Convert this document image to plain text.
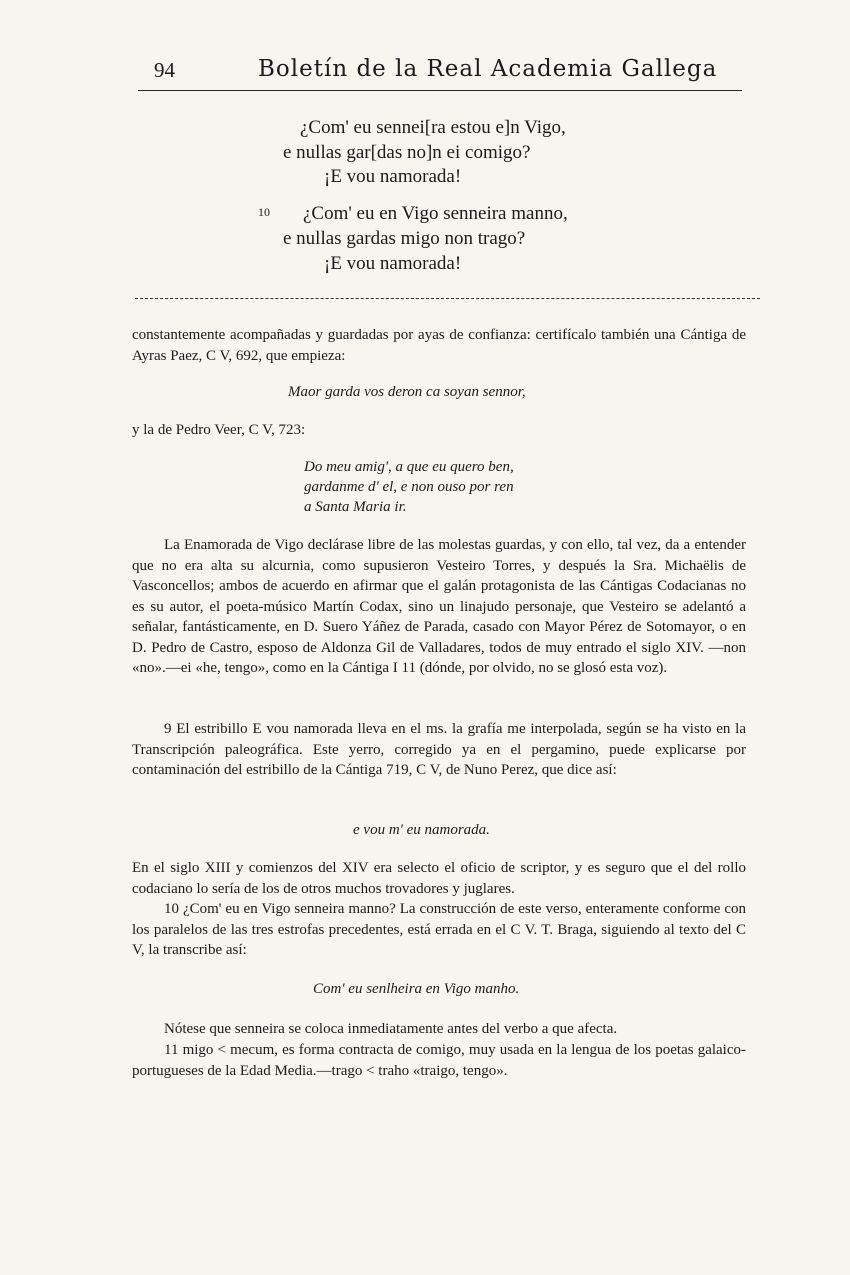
94	Boletín de la Real Academia Gallega
¿Com' eu sennei[ra estou e]n Vigo,
e nullas gar[das no]n ei comigo?
¡E vou namorada!
10 ¿Com' eu en Vigo senneira manno,
e nullas gardas migo non trago?
¡E vou namorada!

constantemente acompañadas y guardadas por ayas de confianza: certifícalo también una Cántiga de Ayras Paez, C V, 692, que empieza:

Maor garda vos deron ca soyan sennor,

y la de Pedro Veer, C V, 723:

Do meu amig', a que eu quero ben,
gardanme d' el, e non ouso por ren
a Santa Maria ir.

La Enamorada de Vigo declárase libre de las molestas guardas, y con ello, tal vez, da a entender que no era alta su alcurnia, como supusieron Vesteiro Torres, y después la Sra. Michaëlis de Vasconcellos; ambos de acuerdo en afirmar que el galán protagonista de las Cántigas Codacianas no es su autor, el poeta-músico Martín Codax, sino un linajudo personaje, que Vesteiro se adelantó a señalar, fantásticamente, en D. Suero Yáñez de Parada, casado con Mayor Pérez de Sotomayor, o en D. Pedro de Castro, esposo de Aldonza Gil de Valladares, todos de muy entrado el siglo XIV. —non «no».—ei «he, tengo», como en la Cántiga I 11 (dónde, por olvido, no se glosó esta voz).

9 El estribillo E vou namorada lleva en el ms. la grafía me interpolada, según se ha visto en la Transcripción paleográfica. Este yerro, corregido ya en el pergamino, puede explicarse por contaminación del estribillo de la Cántiga 719, C V, de Nuno Perez, que dice así:

e vou m' eu namorada.

En el siglo XIII y comienzos del XIV era selecto el oficio de scriptor, y es seguro que el del rollo codaciano lo sería de los de otros muchos trovadores y juglares.

10 ¿Com' eu en Vigo senneira manno? La construcción de este verso, enteramente conforme con los paralelos de las tres estrofas precedentes, está errada en el C V. T. Braga, siguiendo al texto del C V, la transcribe así:

Com' eu senlheira en Vigo manho.

Nótese que senneira se coloca inmediatamente antes del verbo a que afecta.

11 migo < mecum, es forma contracta de comigo, muy usada en la lengua de los poetas galaico-portugueses de la Edad Media.—trago < traho «traigo, tengo».
